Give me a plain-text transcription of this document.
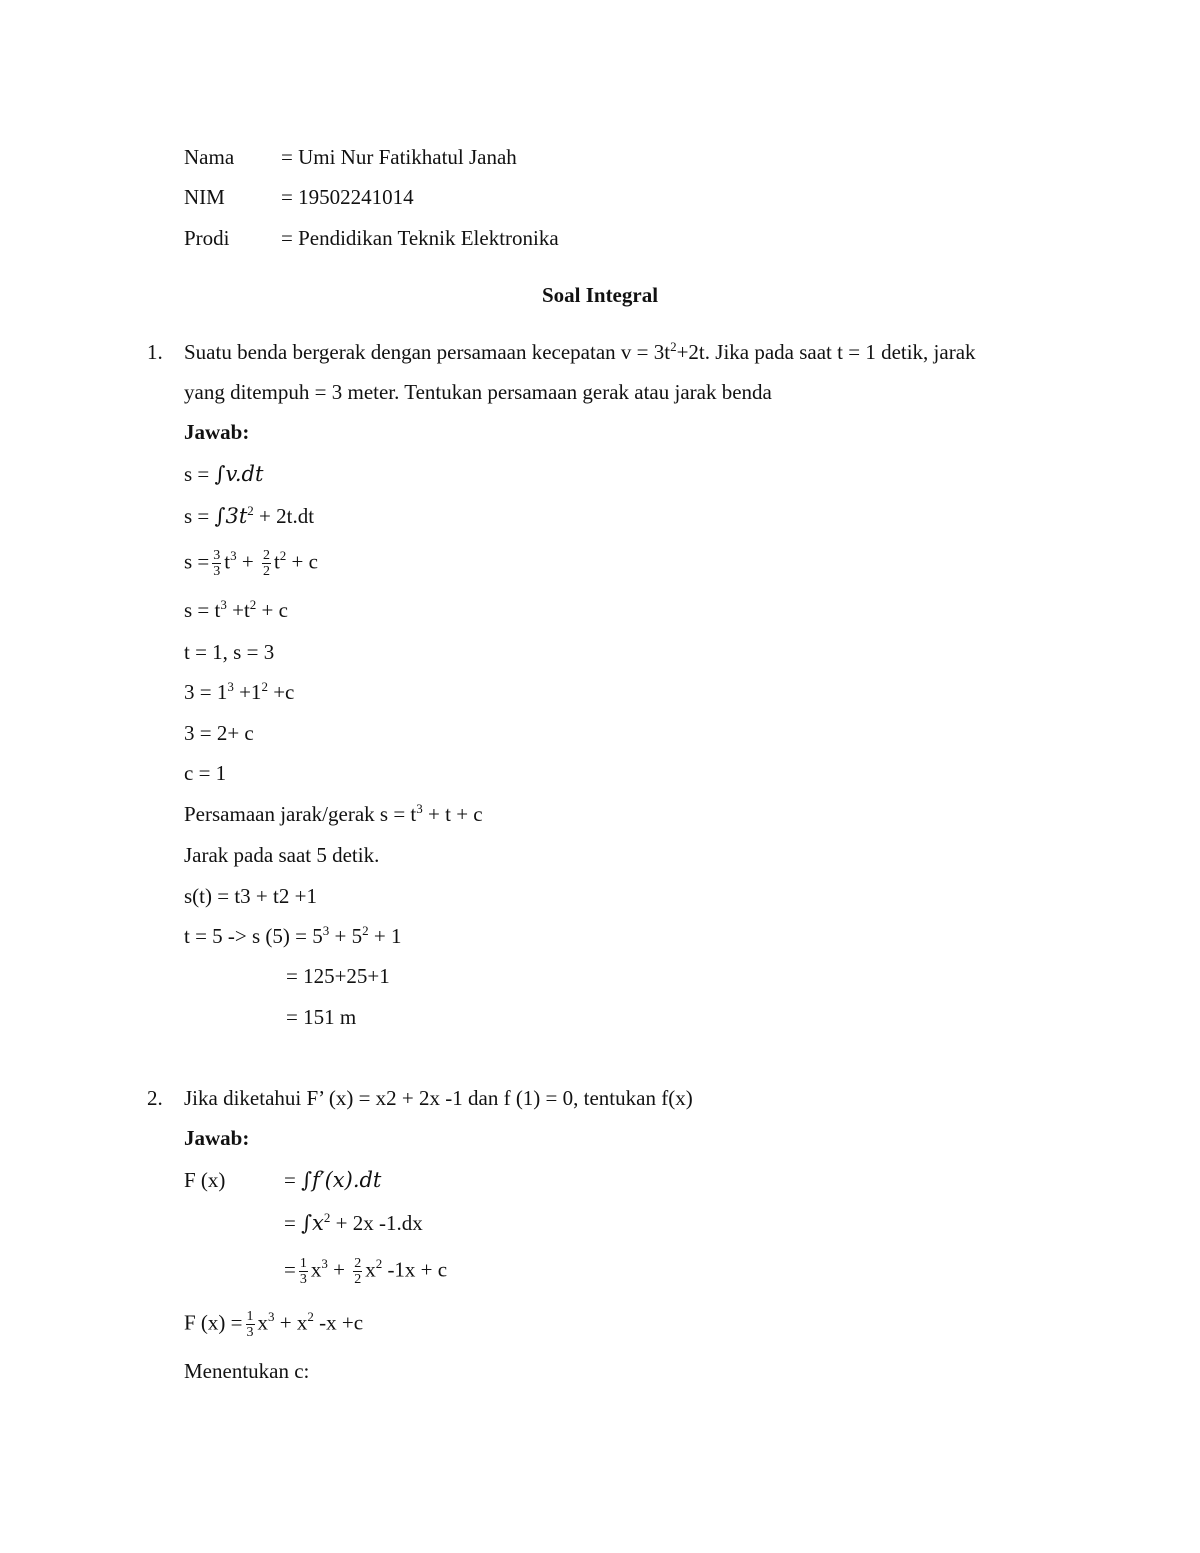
Nama = Umi Nur Fatikhatul Janah
NIM	= 19502241014
Prodi = Pendidikan Teknik Elektronika
Soal Integral
1. Suatu benda bergerak dengan persamaan kecepatan $v = 3t^2+2t$. Jika pada saat t = 1 detik, jarak
yang ditempuh = 3 meter. Tentukan persamaan gerak atau jarak benda
Jawab:
s = ∫v.dt
$s = \int 3t^2 + 2t.dt$
$s = \frac{3}{3} t^3 + \frac{2}{2} t^2 + c$
$s = t^3 +t^2 + c$
t = 1, s = 3
$3 = 1^3 +1^2 +c$
3 = 2+ c
c = 1
Persamaan jarak/gerak $s = t^3 + t + c$
Jarak pada saat 5 detik.
s(t) = t3 + t2 +1
t = 5 -> s $(5) = 5^3 + 5^2 + 1$
= 125+25+1
= 151 m
2. Jika diketahui F’ (x) = x2 + 2x -1 dan f (1) = 0, tentukan f(x)
Jawab:
F (x)	= ∫f′(x).dt
= $\int x^2 + 2x$ -1.dx
= $\frac{1}{3} x^3 + \frac{2}{2} x^2$ -1x + c
F $(x) = \frac{1}{3} x^3 + x^2$ -x +c
Menentukan c:
